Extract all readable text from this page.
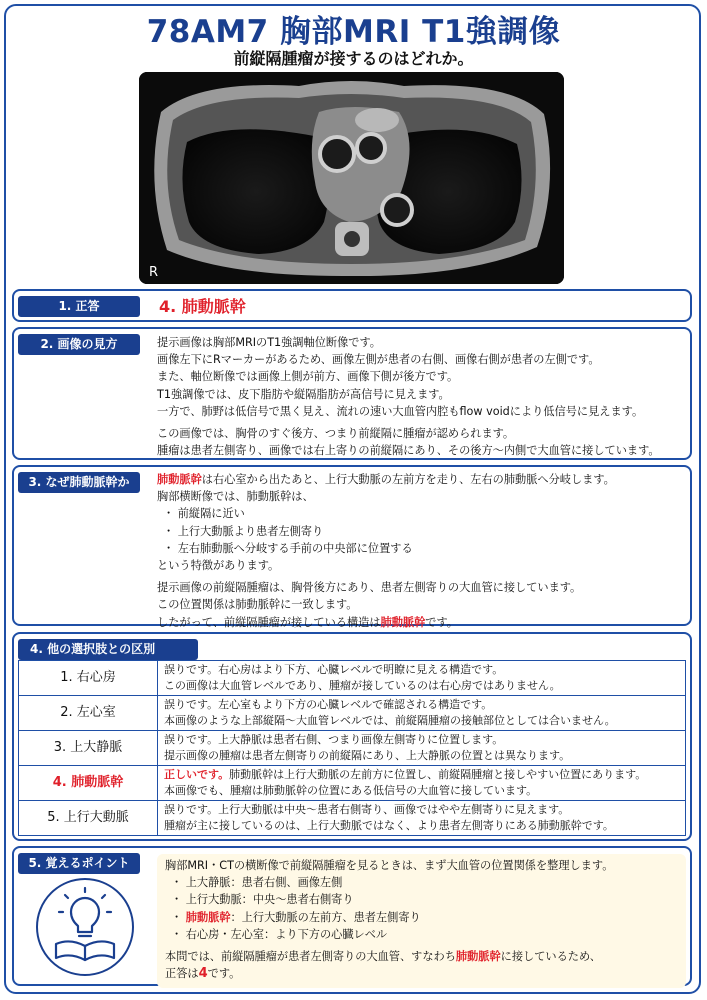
78AM7 胸部MRI T1強調像
前縦隔腫瘤が接するのはどれか。
R
1. 正答	4. 肺動脈幹
2. 画像の見方	提示画像は胸部MRIのT1強調軸位断像です。
画像左下にRマーカーがあるため、画像左側が患者の右側、画像右側が患者の左側です。
また、軸位断像では画像上側が前方、画像下側が後方です。
T1強調像では、皮下脂肪や縦隔脂肪が高信号に見えます。
一方で、肺野は低信号で黒く見え、流れの速い大血管内腔もflow voidにより低信号に見えます。
この画像では、胸骨のすぐ後方、つまり前縦隔に腫瘤が認められます。
腫瘤は患者左側寄り、画像では右上寄りの前縦隔にあり、その後方〜内側で大血管に接しています。
3. なぜ肺動脈幹か	肺動脈幹は右心室から出たあと、上行大動脈の左前方を走り、左右の肺動脈へ分岐します。
胸部横断像では、肺動脈幹は、
・ 前縦隔に近い
・ 上行大動脈より患者左側寄り
・ 左右肺動脈へ分岐する手前の中央部に位置する
という特徴があります。
提示画像の前縦隔腫瘤は、胸骨後方にあり、患者左側寄りの大血管に接しています。
この位置関係は肺動脈幹に一致します。
したがって、前縦隔腫瘤が接している構造は肺動脈幹です。
4. 他の選択肢との区別
1. 右心房	誤りです。右心房はより下方、心臓レベルで明瞭に見える構造です。
この画像は大血管レベルであり、腫瘤が接しているのは右心房ではありません。

2. 左心室	誤りです。左心室もより下方の心臓レベルで確認される構造です。
本画像のような上部縦隔〜大血管レベルでは、前縦隔腫瘤の接触部位としては合いません。

3. 上大静脈	誤りです。上大静脈は患者右側、つまり画像左側寄りに位置します。
提示画像の腫瘤は患者左側寄りの前縦隔にあり、上大静脈の位置とは異なります。

4. 肺動脈幹	正しいです。肺動脈幹は上行大動脈の左前方に位置し、前縦隔腫瘤と接しやすい位置にあります。
本画像でも、腫瘤は肺動脈幹の位置にある低信号の大血管に接しています。

5. 上行大動脈	誤りです。上行大動脈は中央〜患者右側寄り、画像ではやや左側寄りに見えます。
腫瘤が主に接しているのは、上行大動脈ではなく、より患者左側寄りにある肺動脈幹です。
5. 覚えるポイント	胸部MRI・CTの横断像で前縦隔腫瘤を見るときは、まず大血管の位置関係を整理します。
・ 上大静脈：患者右側、画像左側
・ 上行大動脈：中央〜患者右側寄り
・ 肺動脈幹：上行大動脈の左前方、患者左側寄り
・ 右心房・左心室：より下方の心臓レベル
本問では、前縦隔腫瘤が患者左側寄りの大血管、すなわち肺動脈幹に接しているため、
正答は4です。
